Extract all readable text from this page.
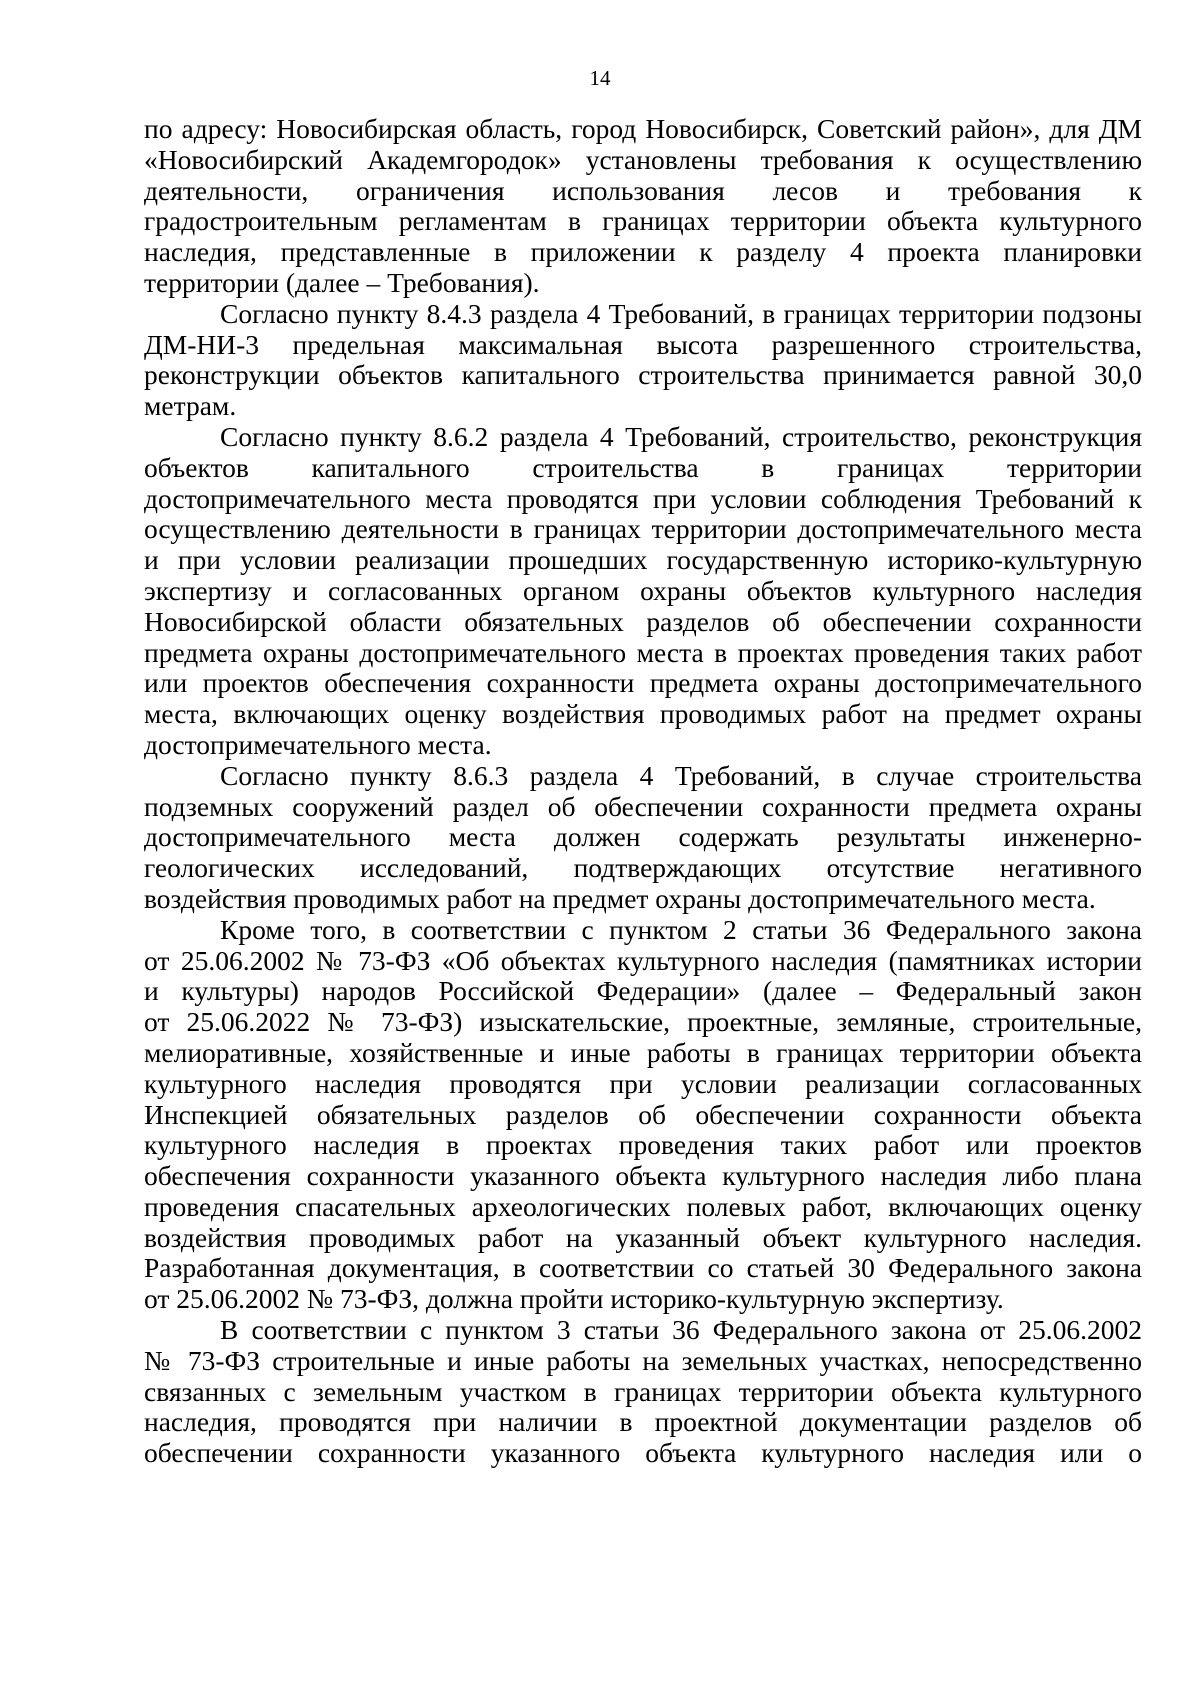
14
по адресу: Новосибирская область, город Новосибирск, Советский район», для ДМ
«Новосибирский Академгородок» установлены требования к осуществлению
деятельности, ограничения использования лесов и требования к
градостроительным регламентам в границах территории объекта культурного
наследия, представленные в приложении к разделу 4 проекта планировки
территории (далее – Требования).
Согласно пункту 8.4.3 раздела 4 Требований, в границах территории подзоны
ДМ-НИ-3 предельная максимальная высота разрешенного строительства,
реконструкции объектов капитального строительства принимается равной 30,0
метрам.
Согласно пункту 8.6.2 раздела 4 Требований, строительство, реконструкция
объектов капитального строительства в границах территории
достопримечательного места проводятся при условии соблюдения Требований к
осуществлению деятельности в границах территории достопримечательного места
и при условии реализации прошедших государственную историко-культурную
экспертизу и согласованных органом охраны объектов культурного наследия
Новосибирской области обязательных разделов об обеспечении сохранности
предмета охраны достопримечательного места в проектах проведения таких работ
или проектов обеспечения сохранности предмета охраны достопримечательного
места, включающих оценку воздействия проводимых работ на предмет охраны
достопримечательного места.
Согласно пункту 8.6.3 раздела 4 Требований, в случае строительства
подземных сооружений раздел об обеспечении сохранности предмета охраны
достопримечательного места должен содержать результаты инженерно-
геологических исследований, подтверждающих отсутствие негативного
воздействия проводимых работ на предмет охраны достопримечательного места.
Кроме того, в соответствии с пунктом 2 статьи 36 Федерального закона
от 25.06.2002 № 73-ФЗ «Об объектах культурного наследия (памятниках истории
и культуры) народов Российской Федерации» (далее – Федеральный закон
от 25.06.2022 № 73-ФЗ) изыскательские, проектные, земляные, строительные,
мелиоративные, хозяйственные и иные работы в границах территории объекта
культурного наследия проводятся при условии реализации согласованных
Инспекцией обязательных разделов об обеспечении сохранности объекта
культурного наследия в проектах проведения таких работ или проектов
обеспечения сохранности указанного объекта культурного наследия либо плана
проведения спасательных археологических полевых работ, включающих оценку
воздействия проводимых работ на указанный объект культурного наследия.
Разработанная документация, в соответствии со статьей 30 Федерального закона
от 25.06.2002 № 73-ФЗ, должна пройти историко-культурную экспертизу.
В соответствии с пунктом 3 статьи 36 Федерального закона от 25.06.2002
№ 73-ФЗ строительные и иные работы на земельных участках, непосредственно
связанных с земельным участком в границах территории объекта культурного
наследия, проводятся при наличии в проектной документации разделов об
обеспечении сохранности указанного объекта культурного наследия или о
